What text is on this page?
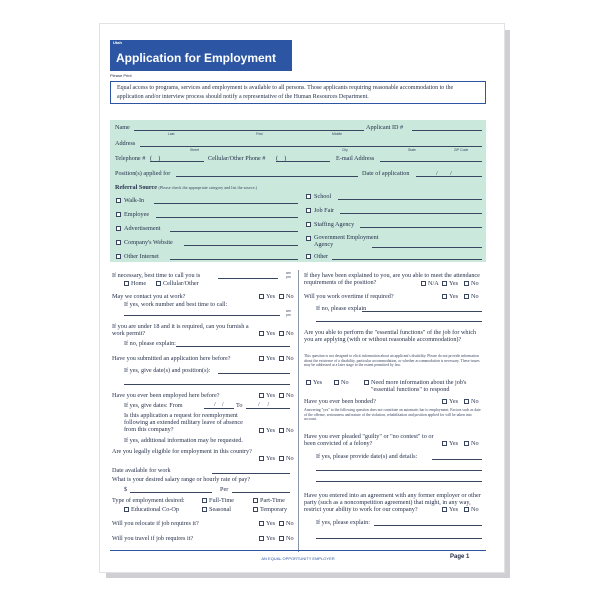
Utah
Application for Employment
Please Print
Equal access to programs, services and employment is available to all persons. Those applicants requiring reasonable accommodation to the application and/or interview process should notify a representative of the Human Resources Department.
Name
Last	First	Middle
Applicant ID #
Address
Street	City	State	ZIP Code
Telephone # (    )	Cellular/Other Phone # (    )	E-mail Address
Position(s) applied for	Date of application	/        /
Referral Source (Please check the appropriate category and list the source.)
Walk-In
Employee
Advertisement
Company's Website
Other Internet
School
Job Fair
Staffing Agency
Government Employment Agency
Other
If necessary, best time to call you is	am
pm
Home	Cellular/Other
May we contact you at work?	Yes No
If yes, work number and best time to call:
am
pm
If you are under 18 and it is required, can you furnish a work permit?	Yes No
If no, please explain:
Have you submitted an application here before?	Yes No
If yes, give date(s) and position(s):
Have you ever been employed here before?	Yes No
If yes, give dates: From	/    / To	/     /
Is this application a request for reemployment following an extended military leave of absence from this company?	Yes No
If yes, additional information may be requested.
Are you legally eligible for employment in this country?
Yes No
Date available for work
What is your desired salary range or hourly rate of pay?
$	Per
Type of employment desired:	Full-Time	Part-Time
Educational Co-Op	Seasonal	Temporary
Will you relocate if job requires it?	Yes No
Will you travel if job requires it?	Yes No
If they have been explained to you, are you able to meet the attendance requirements of the position?	N/A Yes No
Will you work overtime if required?	Yes No
If no, please explain
Are you able to perform the "essential functions" of the job for which you are applying (with or without reasonable accommodation)?
This question is not designed to elicit information about an applicant's disability. Please do not provide information about the existence of a disability, particular accommodation, or whether accommodation is necessary. These issues may be addressed at a later stage to the extent permitted by law.
Yes	No	Need more information about the job's "essential functions" to respond
Have you ever been bonded?	Yes No
Answering "yes" to the following question does not constitute an automatic bar to employment. Factors such as date of the offense, seriousness and nature of the violation, rehabilitation and position applied for will be taken into account.
Have you ever pleaded "guilty" or "no contest" to or been convicted of a felony?	Yes No
If yes, please provide date(s) and details:
Have you entered into an agreement with any former employer or other party (such as a noncompetition agreement) that might, in any way, restrict your ability to work for our company?	Yes No
If yes, please explain:
AN EQUAL OPPORTUNITY EMPLOYER	Page 1
